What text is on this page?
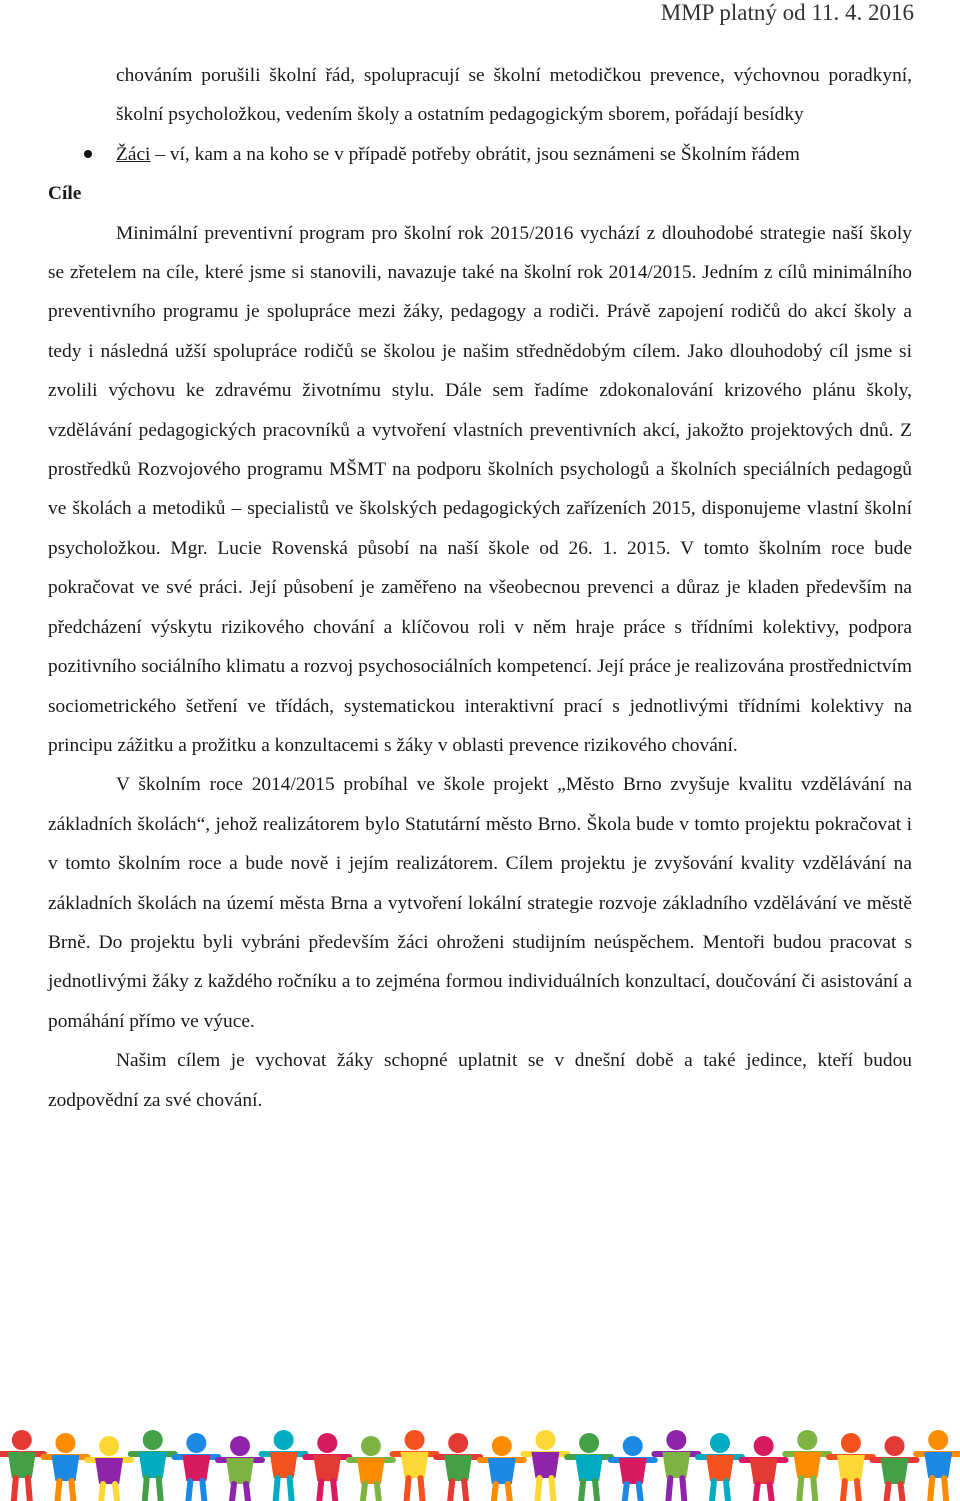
MMP platný od 11. 4. 2016

chováním porušili školní řád, spolupracují se školní metodičkou prevence, výchovnou poradkyní, školní psycholožkou, vedením školy a ostatním pedagogickým sborem, pořádají besídky

Žáci – ví, kam a na koho se v případě potřeby obrátit, jsou seznámeni se Školním řádem

Cíle

Minimální preventivní program pro školní rok 2015/2016 vychází z dlouhodobé strategie naší školy se zřetelem na cíle, které jsme si stanovili, navazuje také na školní rok 2014/2015. Jedním z cílů minimálního preventivního programu je spolupráce mezi žáky, pedagogy a rodiči. Právě zapojení rodičů do akcí školy a tedy i následná užší spolupráce rodičů se školou je našim střednědobým cílem. Jako dlouhodobý cíl jsme si zvolili výchovu ke zdravému životnímu stylu. Dále sem řadíme zdokonalování krizového plánu školy, vzdělávání pedagogických pracovníků a vytvoření vlastních preventivních akcí, jakožto projektových dnů. Z prostředků Rozvojového programu MŠMT na podporu školních psychologů a školních speciálních pedagogů ve školách a metodiků – specialistů ve školských pedagogických zařízeních 2015, disponujeme vlastní školní psycholožkou. Mgr. Lucie Rovenská působí na naší škole od 26. 1. 2015. V tomto školním roce bude pokračovat ve své práci. Její působení je zaměřeno na všeobecnou prevenci a důraz je kladen především na předcházení výskytu rizikového chování a klíčovou roli v něm hraje práce s třídními kolektivy, podpora pozitivního sociálního klimatu a rozvoj psychosociálních kompetencí. Její práce je realizována prostřednictvím sociometrického šetření ve třídách, systematickou interaktivní prací s jednotlivými třídními kolektivy na principu zážitku a prožitku a konzultacemi s žáky v oblasti prevence rizikového chování.

V školním roce 2014/2015 probíhal ve škole projekt „Město Brno zvyšuje kvalitu vzdělávání na základních školách“, jehož realizátorem bylo Statutární město Brno. Škola bude v tomto projektu pokračovat i v tomto školním roce a bude nově i jejím realizátorem. Cílem projektu je zvyšování kvality vzdělávání na základních školách na území města Brna a vytvoření lokální strategie rozvoje základního vzdělávání ve městě Brně. Do projektu byli vybráni především žáci ohroženi studijním neúspěchem. Mentoři budou pracovat s jednotlivými žáky z každého ročníku a to zejména formou individuálních konzultací, doučování či asistování a pomáhání přímo ve výuce.

Našim cílem je vychovat žáky schopné uplatnit se v dnešní době a také jedince, kteří budou zodpovědní za své chování.
